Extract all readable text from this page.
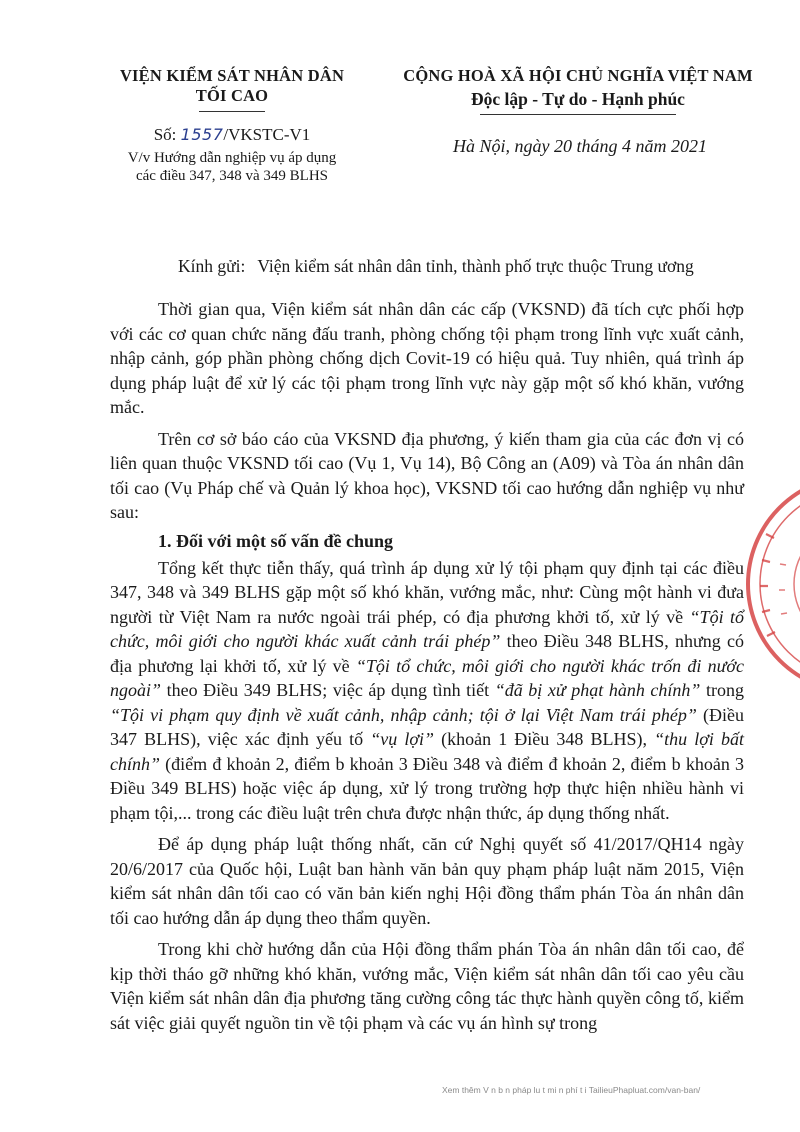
VIỆN KIỂM SÁT NHÂN DÂN
TỐI CAO
Số: 1557/VKSTC-V1
V/v Hướng dẫn nghiệp vụ áp dụng
các điều 347, 348 và 349 BLHS
CỘNG HOÀ XÃ HỘI CHỦ NGHĨA VIỆT NAM
Độc lập - Tự do - Hạnh phúc
Hà Nội, ngày 20 tháng 4 năm 2021
Kính gửi: Viện kiểm sát nhân dân tỉnh, thành phố trực thuộc Trung ương

Thời gian qua, Viện kiểm sát nhân dân các cấp (VKSND) đã tích cực phối hợp với các cơ quan chức năng đấu tranh, phòng chống tội phạm trong lĩnh vực xuất cảnh, nhập cảnh, góp phần phòng chống dịch Covit-19 có hiệu quả. Tuy nhiên, quá trình áp dụng pháp luật để xử lý các tội phạm trong lĩnh vực này gặp một số khó khăn, vướng mắc.

Trên cơ sở báo cáo của VKSND địa phương, ý kiến tham gia của các đơn vị có liên quan thuộc VKSND tối cao (Vụ 1, Vụ 14), Bộ Công an (A09) và Tòa án nhân dân tối cao (Vụ Pháp chế và Quản lý khoa học), VKSND tối cao hướng dẫn nghiệp vụ như sau:

1. Đối với một số vấn đề chung

Tổng kết thực tiễn thấy, quá trình áp dụng xử lý tội phạm quy định tại các điều 347, 348 và 349 BLHS gặp một số khó khăn, vướng mắc, như: Cùng một hành vi đưa người từ Việt Nam ra nước ngoài trái phép, có địa phương khởi tố, xử lý về “Tội tổ chức, môi giới cho người khác xuất cảnh trái phép” theo Điều 348 BLHS, nhưng có địa phương lại khởi tố, xử lý về “Tội tổ chức, môi giới cho người khác trốn đi nước ngoài” theo Điều 349 BLHS; việc áp dụng tình tiết “đã bị xử phạt hành chính” trong “Tội vi phạm quy định về xuất cảnh, nhập cảnh; tội ở lại Việt Nam trái phép” (Điều 347 BLHS), việc xác định yếu tố “vụ lợi” (khoản 1 Điều 348 BLHS), “thu lợi bất chính” (điểm đ khoản 2, điểm b khoản 3 Điều 348 và điểm đ khoản 2, điểm b khoản 3 Điều 349 BLHS) hoặc việc áp dụng, xử lý trong trường hợp thực hiện nhiều hành vi phạm tội,... trong các điều luật trên chưa được nhận thức, áp dụng thống nhất.

Để áp dụng pháp luật thống nhất, căn cứ Nghị quyết số 41/2017/QH14 ngày 20/6/2017 của Quốc hội, Luật ban hành văn bản quy phạm pháp luật năm 2015, Viện kiểm sát nhân dân tối cao có văn bản kiến nghị Hội đồng thẩm phán Tòa án nhân dân tối cao hướng dẫn áp dụng theo thẩm quyền.

Trong khi chờ hướng dẫn của Hội đồng thẩm phán Tòa án nhân dân tối cao, để kịp thời tháo gỡ những khó khăn, vướng mắc, Viện kiểm sát nhân dân tối cao yêu cầu Viện kiểm sát nhân dân địa phương tăng cường công tác thực hành quyền công tố, kiểm sát việc giải quyết nguồn tin về tội phạm và các vụ án hình sự trong

Xem thêm V n b n pháp lu t mi n phí t i TailieuPhapluat.com/van-ban/
